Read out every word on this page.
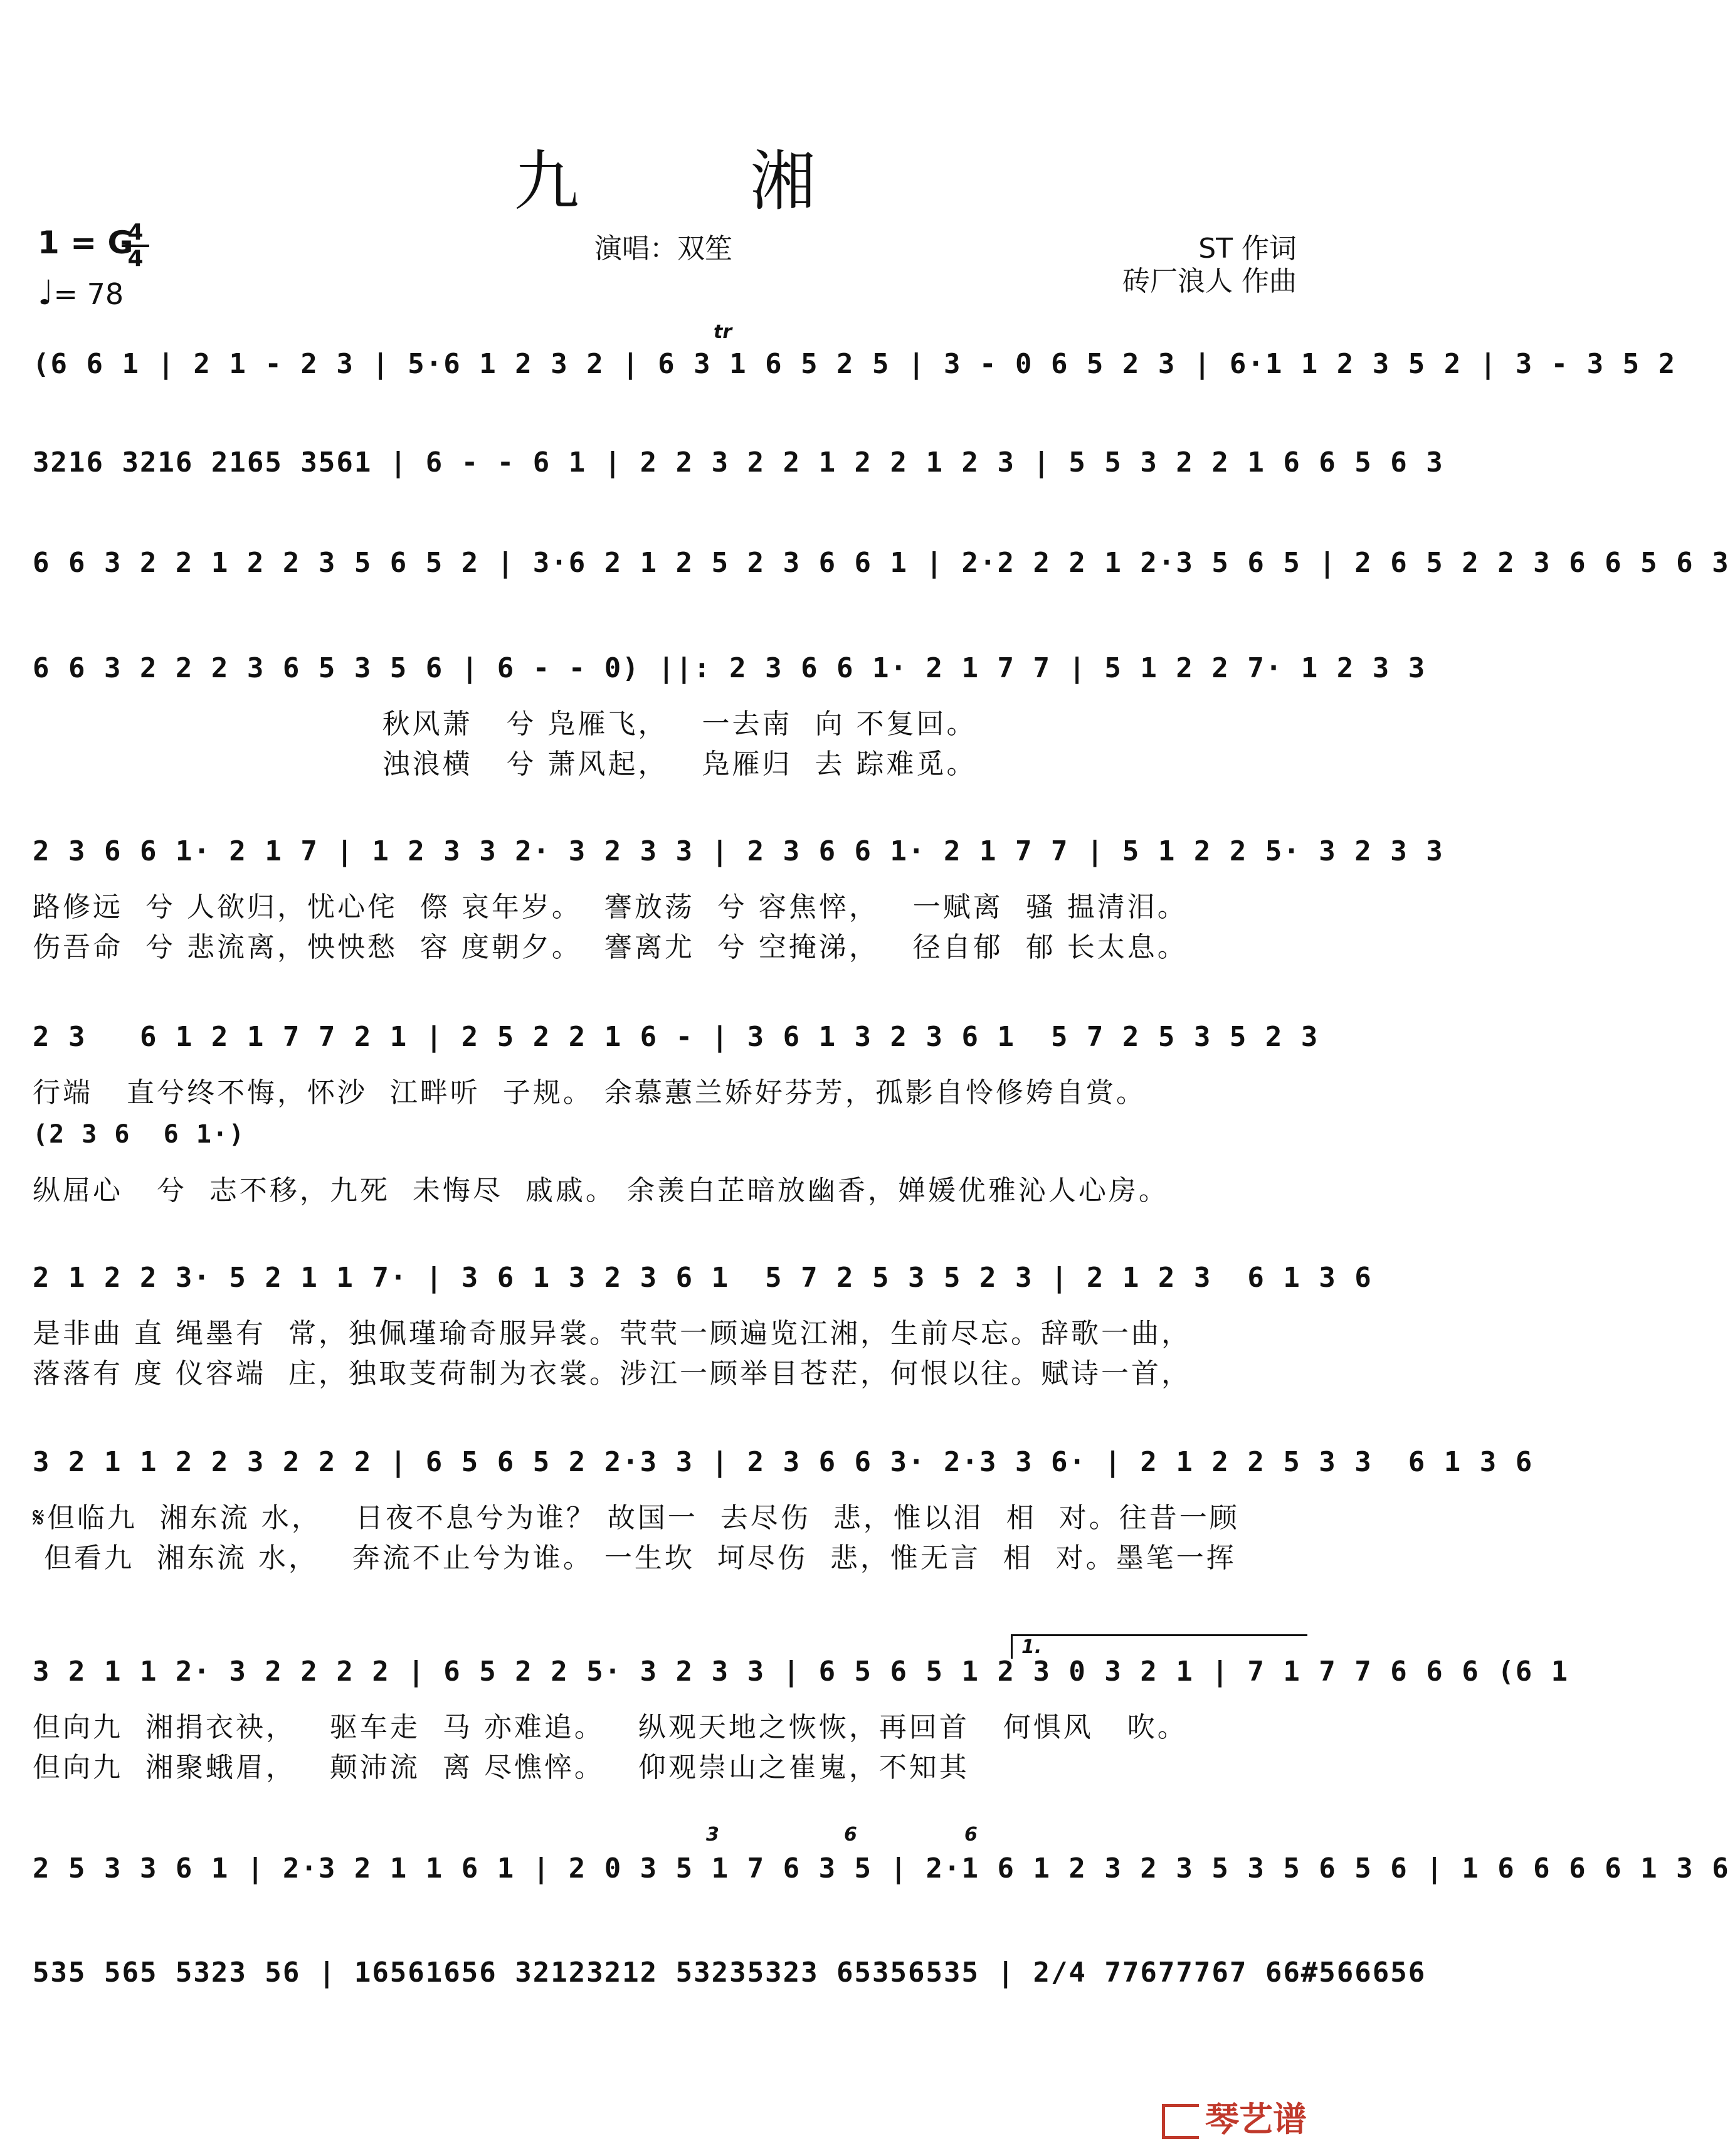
九 湘
1 = G
4
4
♩= 78
演唱：双笙	ST 作词
砖厂浪人 作曲
(6 6 1 | 2 1 - 2 3 | 5·6 1 2 3 2 | 6 3 1 6 5 2 5 | 3 - 0 6 5 2 3 | 6·1 1 2 3 5 2 | 3 - 3 5 2
3216 3216 2165 3561 | 6 - - 6 1 | 2 2 3 2 2 1 2 2 1 2 3 | 5 5 3 2 2 1 6 6 5 6 3
6 6 3 2 2 1 2 2 3 5 6 5 2 | 3·6 2 1 2 5 2 3 6 6 1 | 2·2 2 2 1 2·3 5 6 5 | 2 6 5 2 2 3 6 6 5 6 3
6 6 3 2 2 2 3 6 5 3 5 6 | 6 - - 0) ||: 2 3 6 6 1· 2 1 7 7 | 5 1 2 2 7· 1 2 3 3
秋风萧   兮 凫雁飞，   一去南  向 不复回。
浊浪横   兮 萧风起，   凫雁归  去 踪难觅。
2 3 6 6 1· 2 1 7 | 1 2 3 3 2· 3 2 3 3 | 2 3 6 6 1· 2 1 7 7 | 5 1 2 2 5· 3 2 3 3
路修远  兮 人欲归，忧心侘  傺 哀年岁。  謇放荡  兮 容焦悴，   一赋离  骚 揾清泪。
伤吾命  兮 悲流离，怏怏愁  容 度朝夕。  謇离尤  兮 空掩涕，   径自郁  郁 长太息。
2 3   6 1 2 1 7 7 2 1 | 2 5 2 2 1 6 - | 3 6 1 3 2 3 6 1  5 7 2 5 3 5 2 3
行端   直兮终不悔，怀沙  江畔听  子规。 余慕蕙兰娇好芬芳，孤影自怜修姱自赏。
(2 3 6  6 1·)
纵屈心   兮  志不移，九死  未悔尽  戚戚。 余羡白芷暗放幽香，婵媛优雅沁人心房。
2 1 2 2 3· 5 2 1 1 7· | 3 6 1 3 2 3 6 1  5 7 2 5 3 5 2 3 | 2 1 2 3  6 1 3 6
是非曲 直 绳墨有  常，独佩瑾瑜奇服异裳。茕茕一顾遍览江湘，生前尽忘。辞歌一曲，
落落有 度 仪容端  庄，独取芰荷制为衣裳。涉江一顾举目苍茫，何恨以往。赋诗一首，
3 2 1 1 2 2 3 2 2 2 | 6 5 6 5 2 2·3 3 | 2 3 6 6 3· 2·3 3 6· | 2 1 2 2 5 3 3  6 1 3 6
𝄋但临九  湘东流 水，   日夜不息兮为谁？ 故国一  去尽伤  悲，惟以泪  相  对。往昔一顾
但看九  湘东流 水，   奔流不止兮为谁。 一生坎  坷尽伤  悲，惟无言  相  对。墨笔一挥
1.
3 2 1 1 2· 3 2 2 2 2 | 6 5 2 2 5· 3 2 3 3 | 6 5 6 5 1 2 3 0 3 2 1 | 7 1 7 7 6 6 6 (6 1
但向九  湘捐衣袂，   驱车走  马 亦难追。   纵观天地之恢恢，再回首   何惧风   吹。
但向九  湘聚蛾眉，   颠沛流  离 尽憔悴。   仰观崇山之崔嵬，不知其
2 5 3 3 6 1 | 2·3 2 1 1 6 1 | 2 0 3 5 1 7 6 3 5 | 2·1 6 1 2 3 2 3 5 3 5 6 5 6 | 1 6 6 6 6 1 3 6
535 565 5323 56 | 16561656 32123212 53235323 65356535 | 2/4 77677767 66#566656
3	6	6
tr
琴艺谱
